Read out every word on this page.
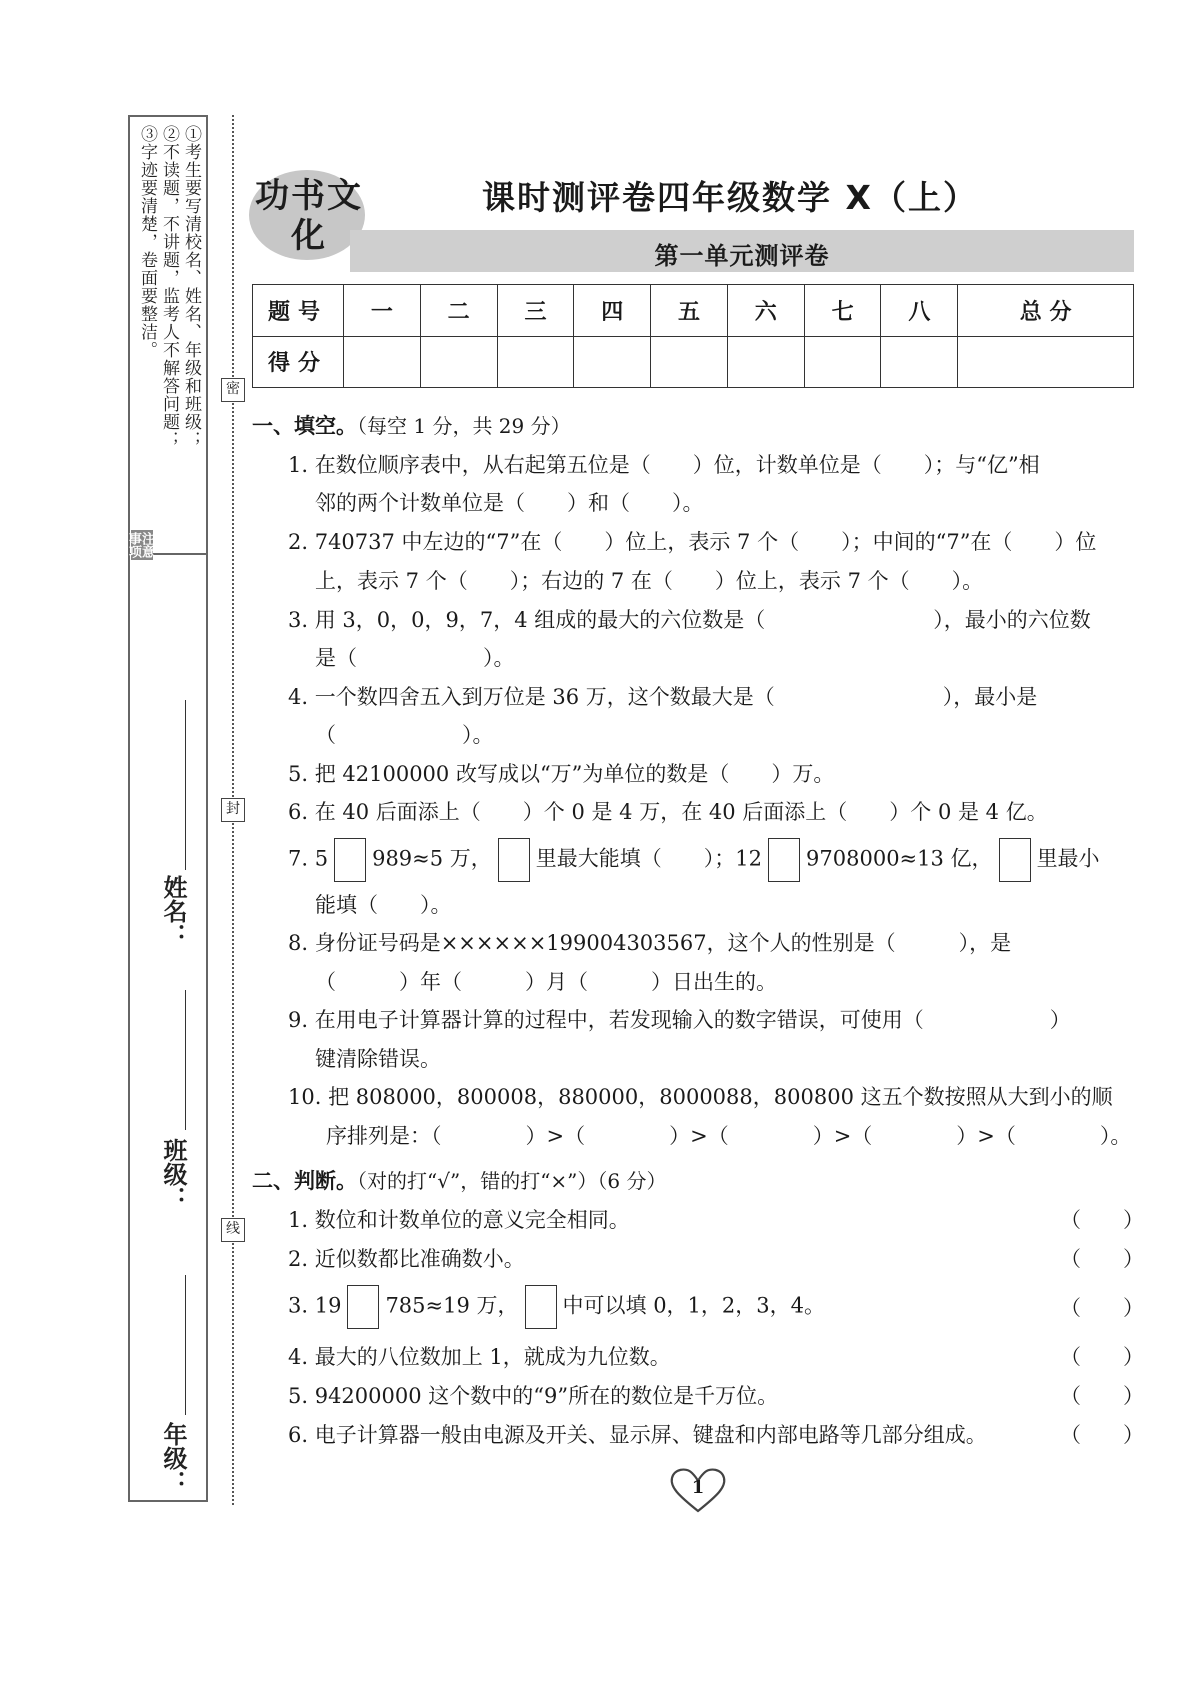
①考生要写清校名、姓名、年级和班级；
②不读题，不讲题，监考人不解答问题；
③字迹要清楚，卷面要整洁。
注意事项
密
封
线
姓名：
班级：
年级：
功书文化
课时测评卷四年级数学 X（上）
第一单元测评卷
题号	一	二	三	四	五	六	七	八	总 分
得分									
一、填空。（每空 1 分，共 29 分）
1. 在数位顺序表中，从右起第五位是（　　）位，计数单位是（　　）；与“亿”相
邻的两个计数单位是（　　）和（　　）。
2. 740737 中左边的“7”在（　　）位上，表示 7 个（　　）；中间的“7”在（　　）位
上，表示 7 个（　　）；右边的 7 在（　　）位上，表示 7 个（　　）。
3. 用 3，0，0，9，7，4 组成的最大的六位数是（　　　　　　　　），最小的六位数
是（　　　　　　）。
4. 一个数四舍五入到万位是 36 万，这个数最大是（　　　　　　　　），最小是
（　　　　　　）。
5. 把 42100000 改写成以“万”为单位的数是（　　）万。
6. 在 40 后面添上（　　）个 0 是 4 万，在 40 后面添上（　　）个 0 是 4 亿。
7. 5 989≈5 万， 里最大能填（　　）；12 9708000≈13 亿， 里最小
能填（　　）。
8. 身份证号码是××××××199004303567，这个人的性别是（　　　），是
（　　　）年（　　　）月（　　　）日出生的。
9. 在用电子计算器计算的过程中，若发现输入的数字错误，可使用（　　　　　　）
键清除错误。
10. 把 808000，800008，880000，8000088，800800 这五个数按照从大到小的顺
序排列是：（　　　　）>（　　　　）>（　　　　）>（　　　　）>（　　　　）。
二、判断。（对的打“√”，错的打“×”）（6 分）
1. 数位和计数单位的意义完全相同。	（　　）
2. 近似数都比准确数小。	（　　）
3. 19 785≈19 万， 中可以填 0，1，2，3，4。	（　　）
4. 最大的八位数加上 1，就成为九位数。	（　　）
5. 94200000 这个数中的“9”所在的数位是千万位。	（　　）
6. 电子计算器一般由电源及开关、显示屏、键盘和内部电路等几部分组成。	（　　）
1
